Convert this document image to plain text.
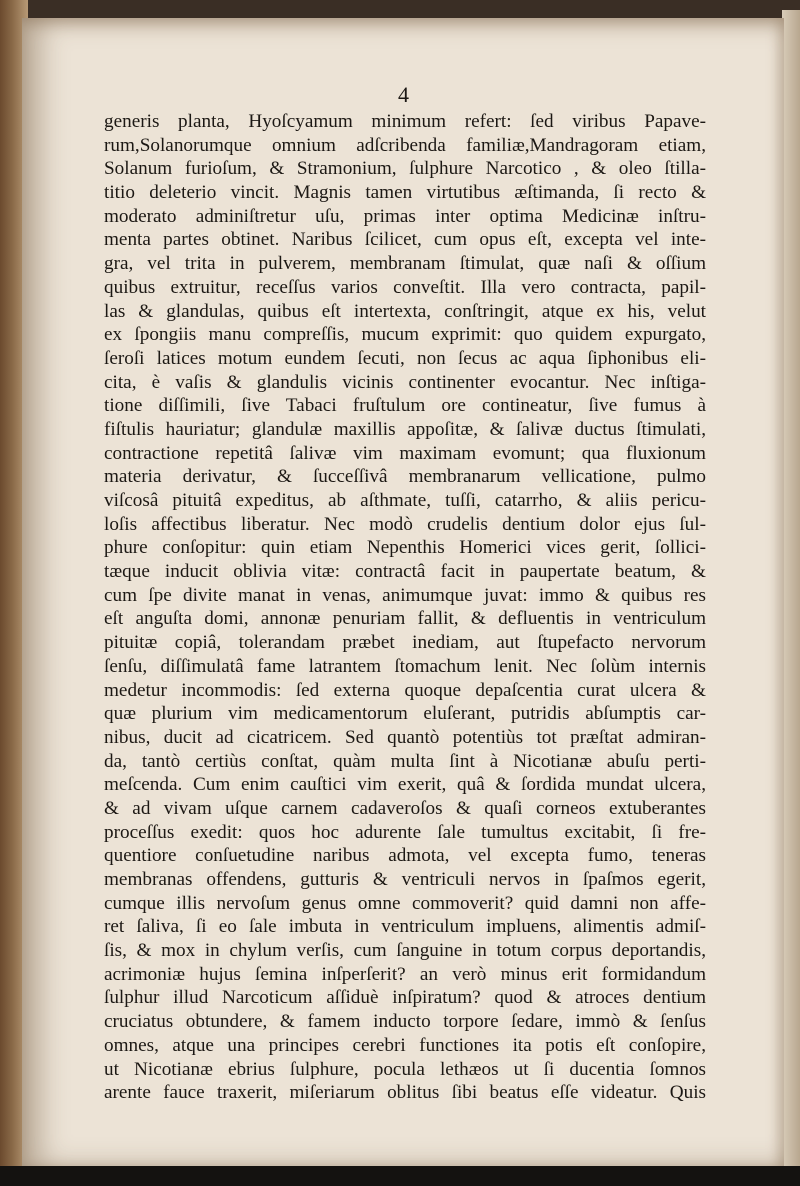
4
generis planta, Hyoſcyamum minimum refert: ſed viribus Papave-
rum,Solanorumque omnium adſcribenda familiæ,Mandragoram etiam,
Solanum furioſum, & Stramonium, ſulphure Narcotico , & oleo ſtilla-
titio deleterio vincit. Magnis tamen virtutibus æſtimanda, ſi recto &
moderato adminiſtretur uſu, primas inter optima Medicinæ inſtru-
menta partes obtinet. Naribus ſcilicet, cum opus eſt, excepta vel inte-
gra, vel trita in pulverem, membranam ſtimulat, quæ naſi & oſſium
quibus extruitur, receſſus varios conveſtit. Illa vero contracta, papil-
las & glandulas, quibus eſt intertexta, conſtringit, atque ex his, velut
ex ſpongiis manu compreſſis, mucum exprimit: quo quidem expurgato,
ſeroſi latices motum eundem ſecuti, non ſecus ac aqua ſiphonibus eli-
cita, è vaſis & glandulis vicinis continenter evocantur. Nec inſtiga-
tione diſſimili, ſive Tabaci fruſtulum ore contineatur, ſive fumus à
fiſtulis hauriatur; glandulæ maxillis appoſitæ, & ſalivæ ductus ſtimulati,
contractione repetitâ ſalivæ vim maximam evomunt; qua fluxionum
materia derivatur, & ſucceſſivâ membranarum vellicatione, pulmo
viſcosâ pituitâ expeditus, ab aſthmate, tuſſi, catarrho, & aliis pericu-
loſis affectibus liberatur. Nec modò crudelis dentium dolor ejus ſul-
phure conſopitur: quin etiam Nepenthis Homerici vices gerit, ſollici-
tæque inducit oblivia vitæ: contractâ facit in paupertate beatum, &
cum ſpe divite manat in venas, animumque juvat: immo & quibus res
eſt anguſta domi, annonæ penuriam fallit, & defluentis in ventriculum
pituitæ copiâ, tolerandam præbet inediam, aut ſtupefacto nervorum
ſenſu, diſſimulatâ fame latrantem ſtomachum lenit. Nec ſolùm internis
medetur incommodis: ſed externa quoque depaſcentia curat ulcera &
quæ plurium vim medicamentorum eluſerant, putridis abſumptis car-
nibus, ducit ad cicatricem. Sed quantò potentiùs tot præſtat admiran-
da, tantò certiùs conſtat, quàm multa ſint à Nicotianæ abuſu perti-
meſcenda. Cum enim cauſtici vim exerit, quâ & ſordida mundat ulcera,
& ad vivam uſque carnem cadaveroſos & quaſi corneos extuberantes
proceſſus exedit: quos hoc adurente ſale tumultus excitabit, ſi fre-
quentiore conſuetudine naribus admota, vel excepta fumo, teneras
membranas offendens, gutturis & ventriculi nervos in ſpaſmos egerit,
cumque illis nervoſum genus omne commoverit? quid damni non affe-
ret ſaliva, ſi eo ſale imbuta in ventriculum impluens, alimentis admiſ-
ſis, & mox in chylum verſis, cum ſanguine in totum corpus deportandis,
acrimoniæ hujus ſemina inſperſerit? an verò minus erit formidandum
ſulphur illud Narcoticum aſſiduè inſpiratum? quod & atroces dentium
cruciatus obtundere, & famem inducto torpore ſedare, immò & ſenſus
omnes, atque una principes cerebri functiones ita potis eſt conſopire,
ut Nicotianæ ebrius ſulphure, pocula lethæos ut ſi ducentia ſomnos
arente fauce traxerit, miſeriarum oblitus ſibi beatus eſſe videatur. Quis
